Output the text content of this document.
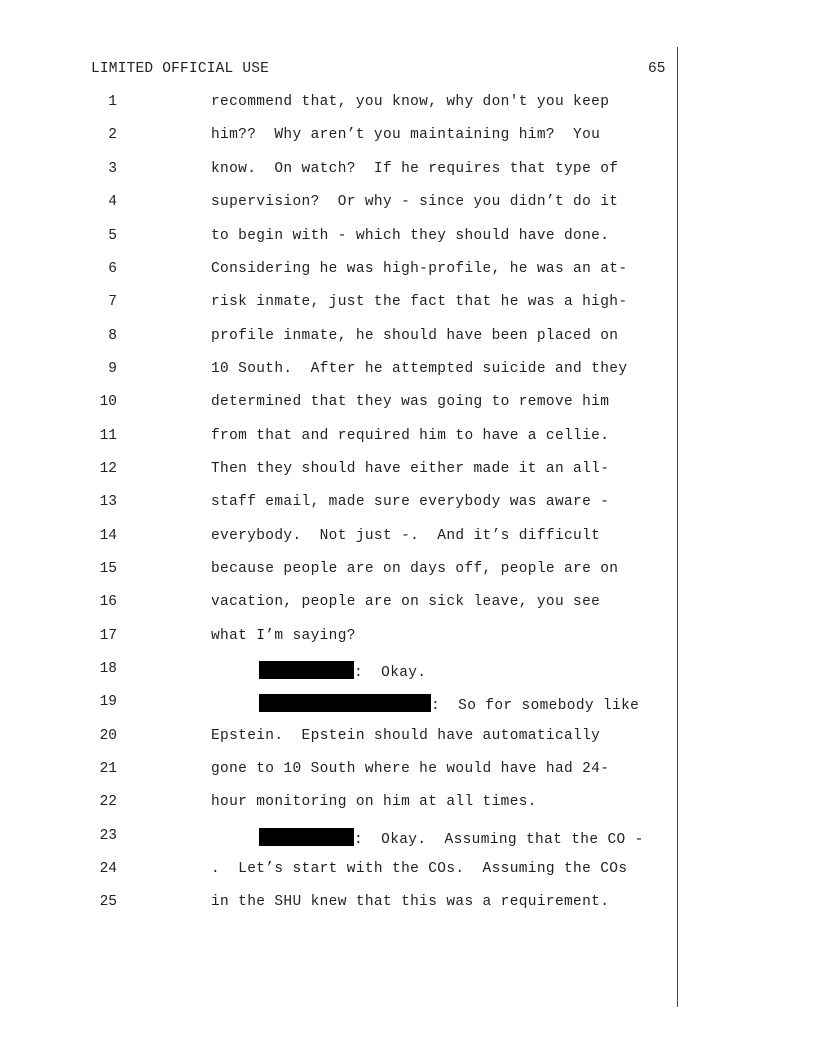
LIMITED OFFICIAL USE	65
1	recommend that, you know, why don't you keep
2	him??  Why aren’t you maintaining him?  You
3	know.  On watch?  If he requires that type of
4	supervision?  Or why - since you didn’t do it
5	to begin with - which they should have done.
6	Considering he was high-profile, he was an at-
7	risk inmate, just the fact that he was a high-
8	profile inmate, he should have been placed on
9	10 South.  After he attempted suicide and they
10	determined that they was going to remove him
11	from that and required him to have a cellie.
12	Then they should have either made it an all-
13	staff email, made sure everybody was aware -
14	everybody.  Not just -.  And it’s difficult
15	because people are on days off, people are on
16	vacation, people are on sick leave, you see
17	what I’m saying?
18	:  Okay.
19	:  So for somebody like
20	Epstein.  Epstein should have automatically
21	gone to 10 South where he would have had 24-
22	hour monitoring on him at all times.
23	:  Okay.  Assuming that the CO -
24	.  Let’s start with the COs.  Assuming the COs
25	in the SHU knew that this was a requirement.
